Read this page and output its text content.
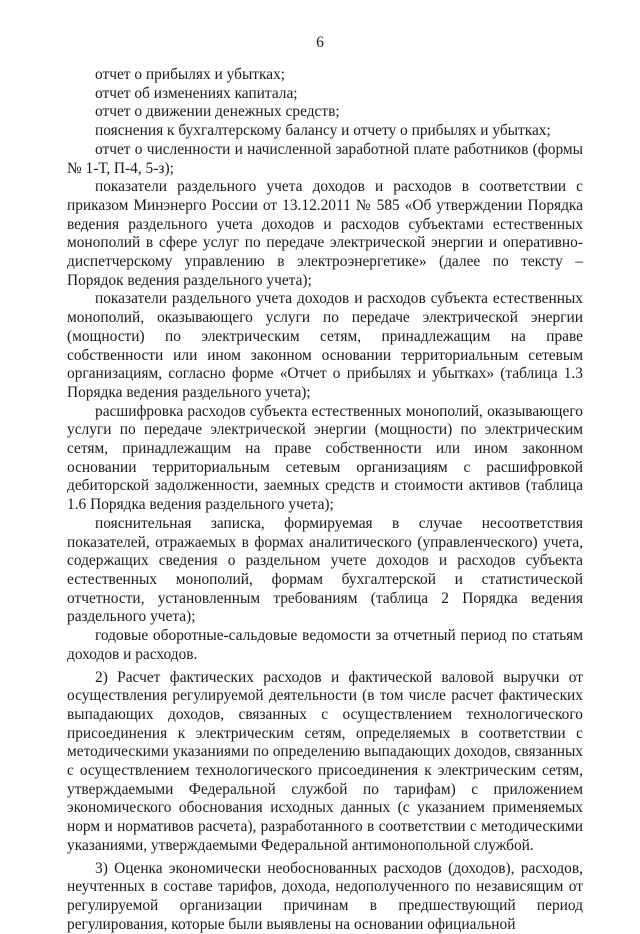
6

отчет о прибылях и убытках;

отчет об изменениях капитала;

отчет о движении денежных средств;

пояснения к бухгалтерскому балансу и отчету о прибылях и убытках;

отчет о численности и начисленной заработной плате работников (формы № 1-Т, П-4, 5-з);

показатели раздельного учета доходов и расходов в соответствии с приказом Минэнерго России от 13.12.2011 № 585 «Об утверждении Порядка ведения раздельного учета доходов и расходов субъектами естественных монополий в сфере услуг по передаче электрической энергии и оперативно-диспетчерскому управлению в электроэнергетике» (далее по тексту – Порядок ведения раздельного учета);

показатели раздельного учета доходов и расходов субъекта естественных монополий, оказывающего услуги по передаче электрической энергии (мощности) по электрическим сетям, принадлежащим на праве собственности или ином законном основании территориальным сетевым организациям, согласно форме «Отчет о прибылях и убытках» (таблица 1.3 Порядка ведения раздельного учета);

расшифровка расходов субъекта естественных монополий, оказывающего услуги по передаче электрической энергии (мощности) по электрическим сетям, принадлежащим на праве собственности или ином законном основании территориальным сетевым организациям с расшифровкой дебиторской задолженности, заемных средств и стоимости активов (таблица 1.6 Порядка ведения раздельного учета);

пояснительная записка, формируемая в случае несоответствия показателей, отражаемых в формах аналитического (управленческого) учета, содержащих сведения о раздельном учете доходов и расходов субъекта естественных монополий, формам бухгалтерской и статистической отчетности, установленным требованиям (таблица 2 Порядка ведения раздельного учета);

годовые оборотные-сальдовые ведомости за отчетный период по статьям доходов и расходов.

2) Расчет фактических расходов и фактической валовой выручки от осуществления регулируемой деятельности (в том числе расчет фактических выпадающих доходов, связанных с осуществлением технологического присоединения к электрическим сетям, определяемых в соответствии с методическими указаниями по определению выпадающих доходов, связанных с осуществлением технологического присоединения к электрическим сетям, утверждаемыми Федеральной службой по тарифам) с приложением экономического обоснования исходных данных (с указанием применяемых норм и нормативов расчета), разработанного в соответствии с методическими указаниями, утверждаемыми Федеральной антимонопольной службой.

3) Оценка экономически необоснованных расходов (доходов), расходов, неучтенных в составе тарифов, дохода, недополученного по независящим от регулируемой организации причинам в предшествующий период регулирования, которые были выявлены на основании официальной
